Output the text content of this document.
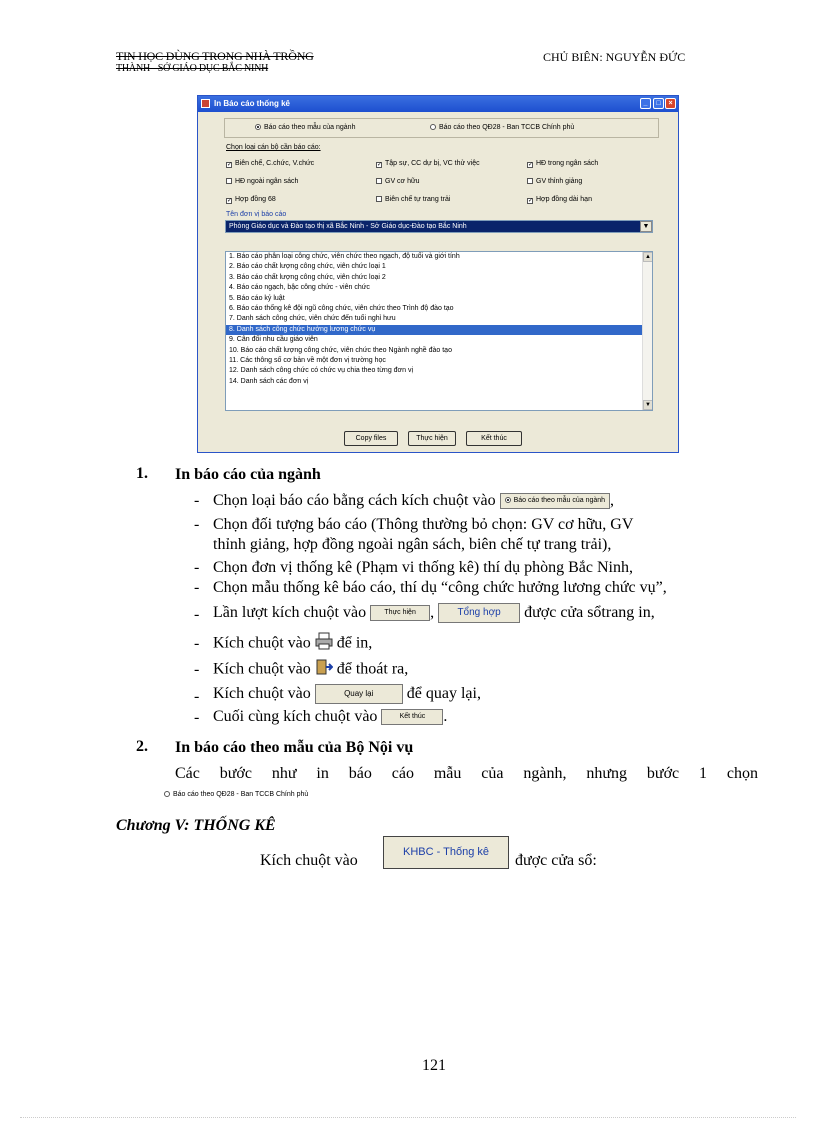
TIN HỌC DÙNG TRONG NHÀ TRỒNG
THÀNH - SỞ GIÁO DỤC BẮC NINH
CHỦ BIÊN: NGUYỄN ĐỨC
In Báo cáo thống kê	_	□	×
Báo cáo theo mẫu của ngành	Báo cáo theo QĐ28 - Ban TCCB Chính phủ
Chọn loại cán bộ cần báo cáo:
✓ Biên chế, C.chức, V.chức	✓ Tập sự, CC dự bị, VC thử việc	✓ HĐ trong ngân sách
HĐ ngoài ngân sách	GV cơ hữu	GV thỉnh giảng
✓ Hợp đồng 68	Biên chế tự trang trải	✓ Hợp đồng dài hạn
Tên đơn vị báo cáo
Phòng Giáo dục và Đào tạo thị xã Bắc Ninh - Sở Giáo dục-Đào tạo Bắc Ninh	▼
1. Báo cáo phân loại công chức, viên chức theo ngạch, độ tuổi và giới tính
2. Báo cáo chất lượng công chức, viên chức loại 1
3. Báo cáo chất lượng công chức, viên chức loại 2
4. Báo cáo ngạch, bậc công chức - viên chức
5. Báo cáo kỷ luật
6. Báo cáo thống kê đội ngũ công chức, viên chức theo Trình độ đào tạo
7. Danh sách công chức, viên chức đến tuổi nghỉ hưu
8. Danh sách công chức hưởng lương chức vụ
9. Cân đối nhu cầu giáo viên
10. Báo cáo chất lượng công chức, viên chức theo Ngành nghề đào tạo
11. Các thông số cơ bản về một đơn vị trường học
12. Danh sách công chức có chức vụ chia theo từng đơn vị
14. Danh sách các đơn vị
▲
▼
Copy files	Thực hiện	Kết thúc
1. In báo cáo của ngành
- Chọn loại báo cáo bằng cách kích chuột vào	Báo cáo theo mẫu của ngành ,
- Chọn đối tượng báo cáo (Thông thường bỏ chọn: GV cơ hữu, GV
thỉnh giảng, hợp đồng ngoài ngân sách, biên chế tự trang trải),
- Chọn đơn vị thống kê (Phạm vi thống kê) thí dụ phòng Bắc Ninh,
- Chọn mẫu thống kê báo cáo, thí dụ “công chức hưởng lương chức vụ”,
- Lần lượt kích chuột vào	Thực hiện , Tổng hợp được cửa sổtrang in,
- Kích chuột vào để in,
- Kích chuột vào để thoát ra,
- Kích chuột vào	Quay lại để quay lại,
- Cuối cùng kích chuột vào	Kết thúc .
2. In báo cáo theo mẫu của Bộ Nội vụ
Các bước như in báo cáo mẫu của ngành, nhưng bước 1 chọn
Báo cáo theo QĐ28 - Ban TCCB Chính phủ
Chương V: THỐNG KÊ
Kích chuột vào	KHBC - Thống kê	được cửa sổ:
121
